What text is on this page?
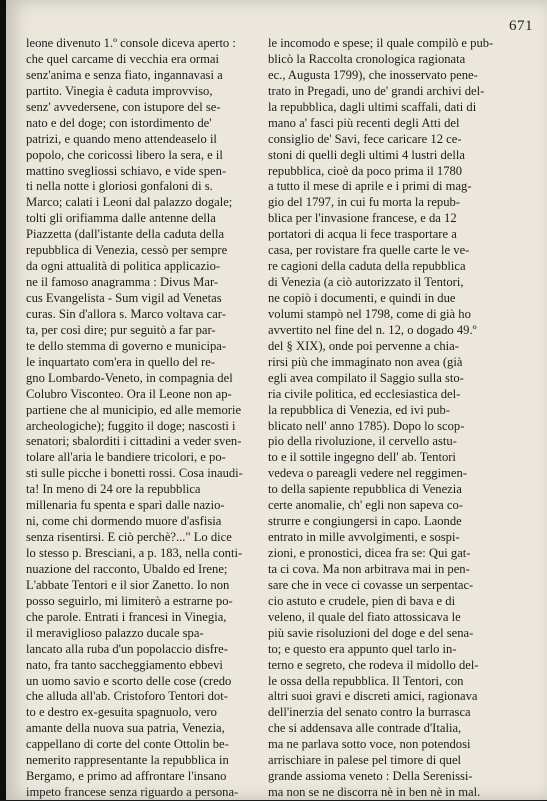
671
leone divenuto 1.º console diceva aperto :
che quel carcame di vecchia era ormai
senz'anima e senza fiato, ingannavasi a
partito. Vinegia è caduta improvviso,
senz' avvedersene, con istupore del se-
nato e del doge; con istordimento de'
patrizi, e quando meno attendeaselo il
popolo, che coricossi libero la sera, e il
mattino svegliossi schiavo, e vide spen-
ti nella notte i gloriosi gonfaloni di s.
Marco; calati i Leoni dal palazzo dogale;
tolti gli orifiamma dalle antenne della
Piazzetta (dall'istante della caduta della
repubblica di Venezia, cessò per sempre
da ogni attualità di politica applicazio-
ne il famoso anagramma : Divus Mar-
cus Evangelista - Sum vigil ad Venetas
curas. Sin d'allora s. Marco voltava car-
ta, per così dire; pur seguitò a far par-
te dello stemma di governo e municipa-
le inquartato com'era in quello del re-
gno Lombardo-Veneto, in compagnia del
Colubro Visconteo. Ora il Leone non ap-
partiene che al municipio, ed alle memorie
archeologiche); fuggito il doge; nascosti i
senatori; sbalorditi i cittadini a veder sven-
tolare all'aria le bandiere tricolori, e po-
sti sulle picche i bonetti rossi. Cosa inaudi-
ta! In meno di 24 ore la repubblica
millenaria fu spenta e sparì dalle nazio-
ni, come chi dormendo muore d'asfisia
senza risentirsi. E ciò perchè?..." Lo dice
lo stesso p. Bresciani, a p. 183, nella conti-
nuazione del racconto, Ubaldo ed Irene;
L'abbate Tentori e il sior Zanetto. Io non
posso seguirlo, mi limiterò a estrarne po-
che parole. Entrati i francesi in Vinegia,
il meraviglioso palazzo ducale spa-
lancato alla ruba d'un popolaccio disfre-
nato, fra tanto saccheggiamento ebbevi
un uomo savio e scorto delle cose (credo
che alluda all'ab. Cristoforo Tentori dot-
to e destro ex-gesuita spagnuolo, vero
amante della nuova sua patria, Venezia,
cappellano di corte del conte Ottolin be-
nemerito rappresentante la repubblica in
Bergamo, e primo ad affrontare l'insano
impeto francese senza riguardo a persona-
le incomodo e spese; il quale compilò e pub-
blicò la Raccolta cronologica ragionata
ec., Augusta 1799), che inosservato pene-
trato in Pregadi, uno de' grandi archivi del-
la repubblica, dagli ultimi scaffali, dati di
mano a' fasci più recenti degli Atti del
consiglio de' Savi, fece caricare 12 ce-
stoni di quelli degli ultimi 4 lustri della
repubblica, cioè da poco prima il 1780
a tutto il mese di aprile e i primi di mag-
gio del 1797, in cui fu morta la repub-
blica per l'invasione francese, e da 12
portatori di acqua li fece trasportare a
casa, per rovistare fra quelle carte le ve-
re cagioni della caduta della repubblica
di Venezia (a ciò autorizzato il Tentori,
ne copiò i documenti, e quindi in due
volumi stampò nel 1798, come di già ho
avvertito nel fine del n. 12, o dogado 49.º
del § XIX), onde poi pervenne a chia-
rirsi più che immaginato non avea (già
egli avea compilato il Saggio sulla sto-
ria civile politica, ed ecclesiastica del-
la repubblica di Venezia, ed ivi pub-
blicato nell' anno 1785). Dopo lo scop-
pio della rivoluzione, il cervello astu-
to e il sottile ingegno dell' ab. Tentori
vedeva o pareagli vedere nel reggimen-
to della sapiente repubblica di Venezia
certe anomalie, ch' egli non sapeva co-
strurre e congiungersi in capo. Laonde
entrato in mille avvolgimenti, e sospi-
zioni, e pronostici, dicea fra se: Qui gat-
ta ci cova. Ma non arbitrava mai in pen-
sare che in vece ci covasse un serpentac-
cio astuto e crudele, pien di bava e di
veleno, il quale del fiato attossicava le
più savie risoluzioni del doge e del sena-
to; e questo era appunto quel tarlo in-
terno e segreto, che rodeva il midollo del-
le ossa della repubblica. Il Tentori, con
altri suoi gravi e discreti amici, ragionava
dell'inerzia del senato contro la burrasca
che si addensava alle contrade d'Italia,
ma ne parlava sotto voce, non potendosi
arrischiare in palese pel timore di quel
grande assioma veneto : Della Serenissi-
ma non se ne discorra nè in ben nè in mal.
